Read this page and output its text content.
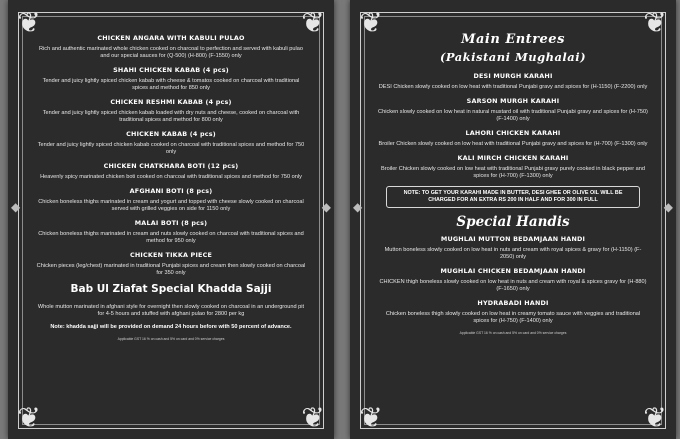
❦	❦
❦	❦
◆	◆
CHICKEN ANGARA WITH KABULI PULAO
Rich and authentic marinated whole chicken cooked on charcoal to perfection and served with kabuli pulao and our special sauces for (Q-500) (H-800) (F-1550) only
SHAHI CHICKEN KABAB (4 pcs)
Tender and juicy lightly spiced chicken kabab with cheese & tomatos cooked on charcoal with traditional spices and method for 850 only
CHICKEN RESHMI KABAB (4 pcs)
Tender and juicy lightly spiced chicken kabab loaded with dry nuts and cheese, cooked on charcoal with traditional spices and method for 800 only
CHICKEN KABAB (4 pcs)
Tender and juicy lightly spiced chicken kabab cooked on charcoal with traditional spices and method for 750 only
CHICKEN CHATKHARA BOTI (12 pcs)
Heavenly spicy marinated chicken boti cooked on charcoal with traditional spices and method for 750 only
AFGHANI BOTI (8 pcs)
Chicken boneless thighs marinated in cream and yogurt and topped with cheese slowly cooked on charcoal served with grilled veggies on side for 1150 only
MALAI BOTI (8 pcs)
Chicken boneless thighs marinated in cream and nuts slowly cooked on charcoal with traditional spices and method for 950 only
CHICKEN TIKKA PIECE
Chicken pieces (leg/chest) marinated in traditional Punjabi spices and cream then slowly cooked on charcoal for 350 only
Bab Ul Ziafat Special Khadda Sajji
Whole mutton marinated in afghani style for overnight then slowly cooked on charcoal in an underground pit for 4-5 hours and stuffed with afghani pulao for 2800 per kg
Note: khadda sajji will be provided on demand 24 hours before with 50 percent of advance.
Applicable GST 16 % on cash and 5% on card and 0% service charges
❦	❦
❦	❦
◆	◆
Main Entrees
(Pakistani Mughalai)
DESI MURGH KARAHI
DESI Chicken slowly cooked on low heat with traditional Punjabi gravy and spices for (H-1150) (F-2200) only
SARSON MURGH KARAHI
Chicken slowly cooked on low heat in natural mustard oil with traditional Punjabi gravy and spices for (H-750) (F-1400) only
LAHORI CHICKEN KARAHI
Broiler Chicken slowly cooked on low heat with traditional Punjabi gravy and spices for (H-700) (F-1300) only
KALI MIRCH CHICKEN KARAHI
Broiler Chicken slowly cooked on low heat with traditional Punjabi gravy purely cooked in black pepper and spices for (H-700) (F-1300) only
NOTE: TO GET YOUR KARAHI MADE IN BUTTER, DESI GHEE OR OLIVE OIL WILL BE CHARGED FOR AN EXTRA RS 200 IN HALF AND FOR 300 IN FULL
Special Handis
MUGHLAI MUTTON BEDAMJAAN HANDI
Mutton boneless slowly cooked on low heat in nuts and cream with royal spices & gravy for (H-1150) (F-2050) only
MUGHLAI CHICKEN BEDAMJAAN HANDI
CHICKEN thigh boneless slowly cooked on low heat in nuts and cream with royal & spices gravy for (H-880) (F-1650) only
HYDRABADI HANDI
Chicken boneless thigh slowly cooked on low heat in creamy tomato sauce with veggies and traditional spices for (H-750) (F-1400) only
Applicable GST 16 % on cash and 5% on card and 0% service charges
